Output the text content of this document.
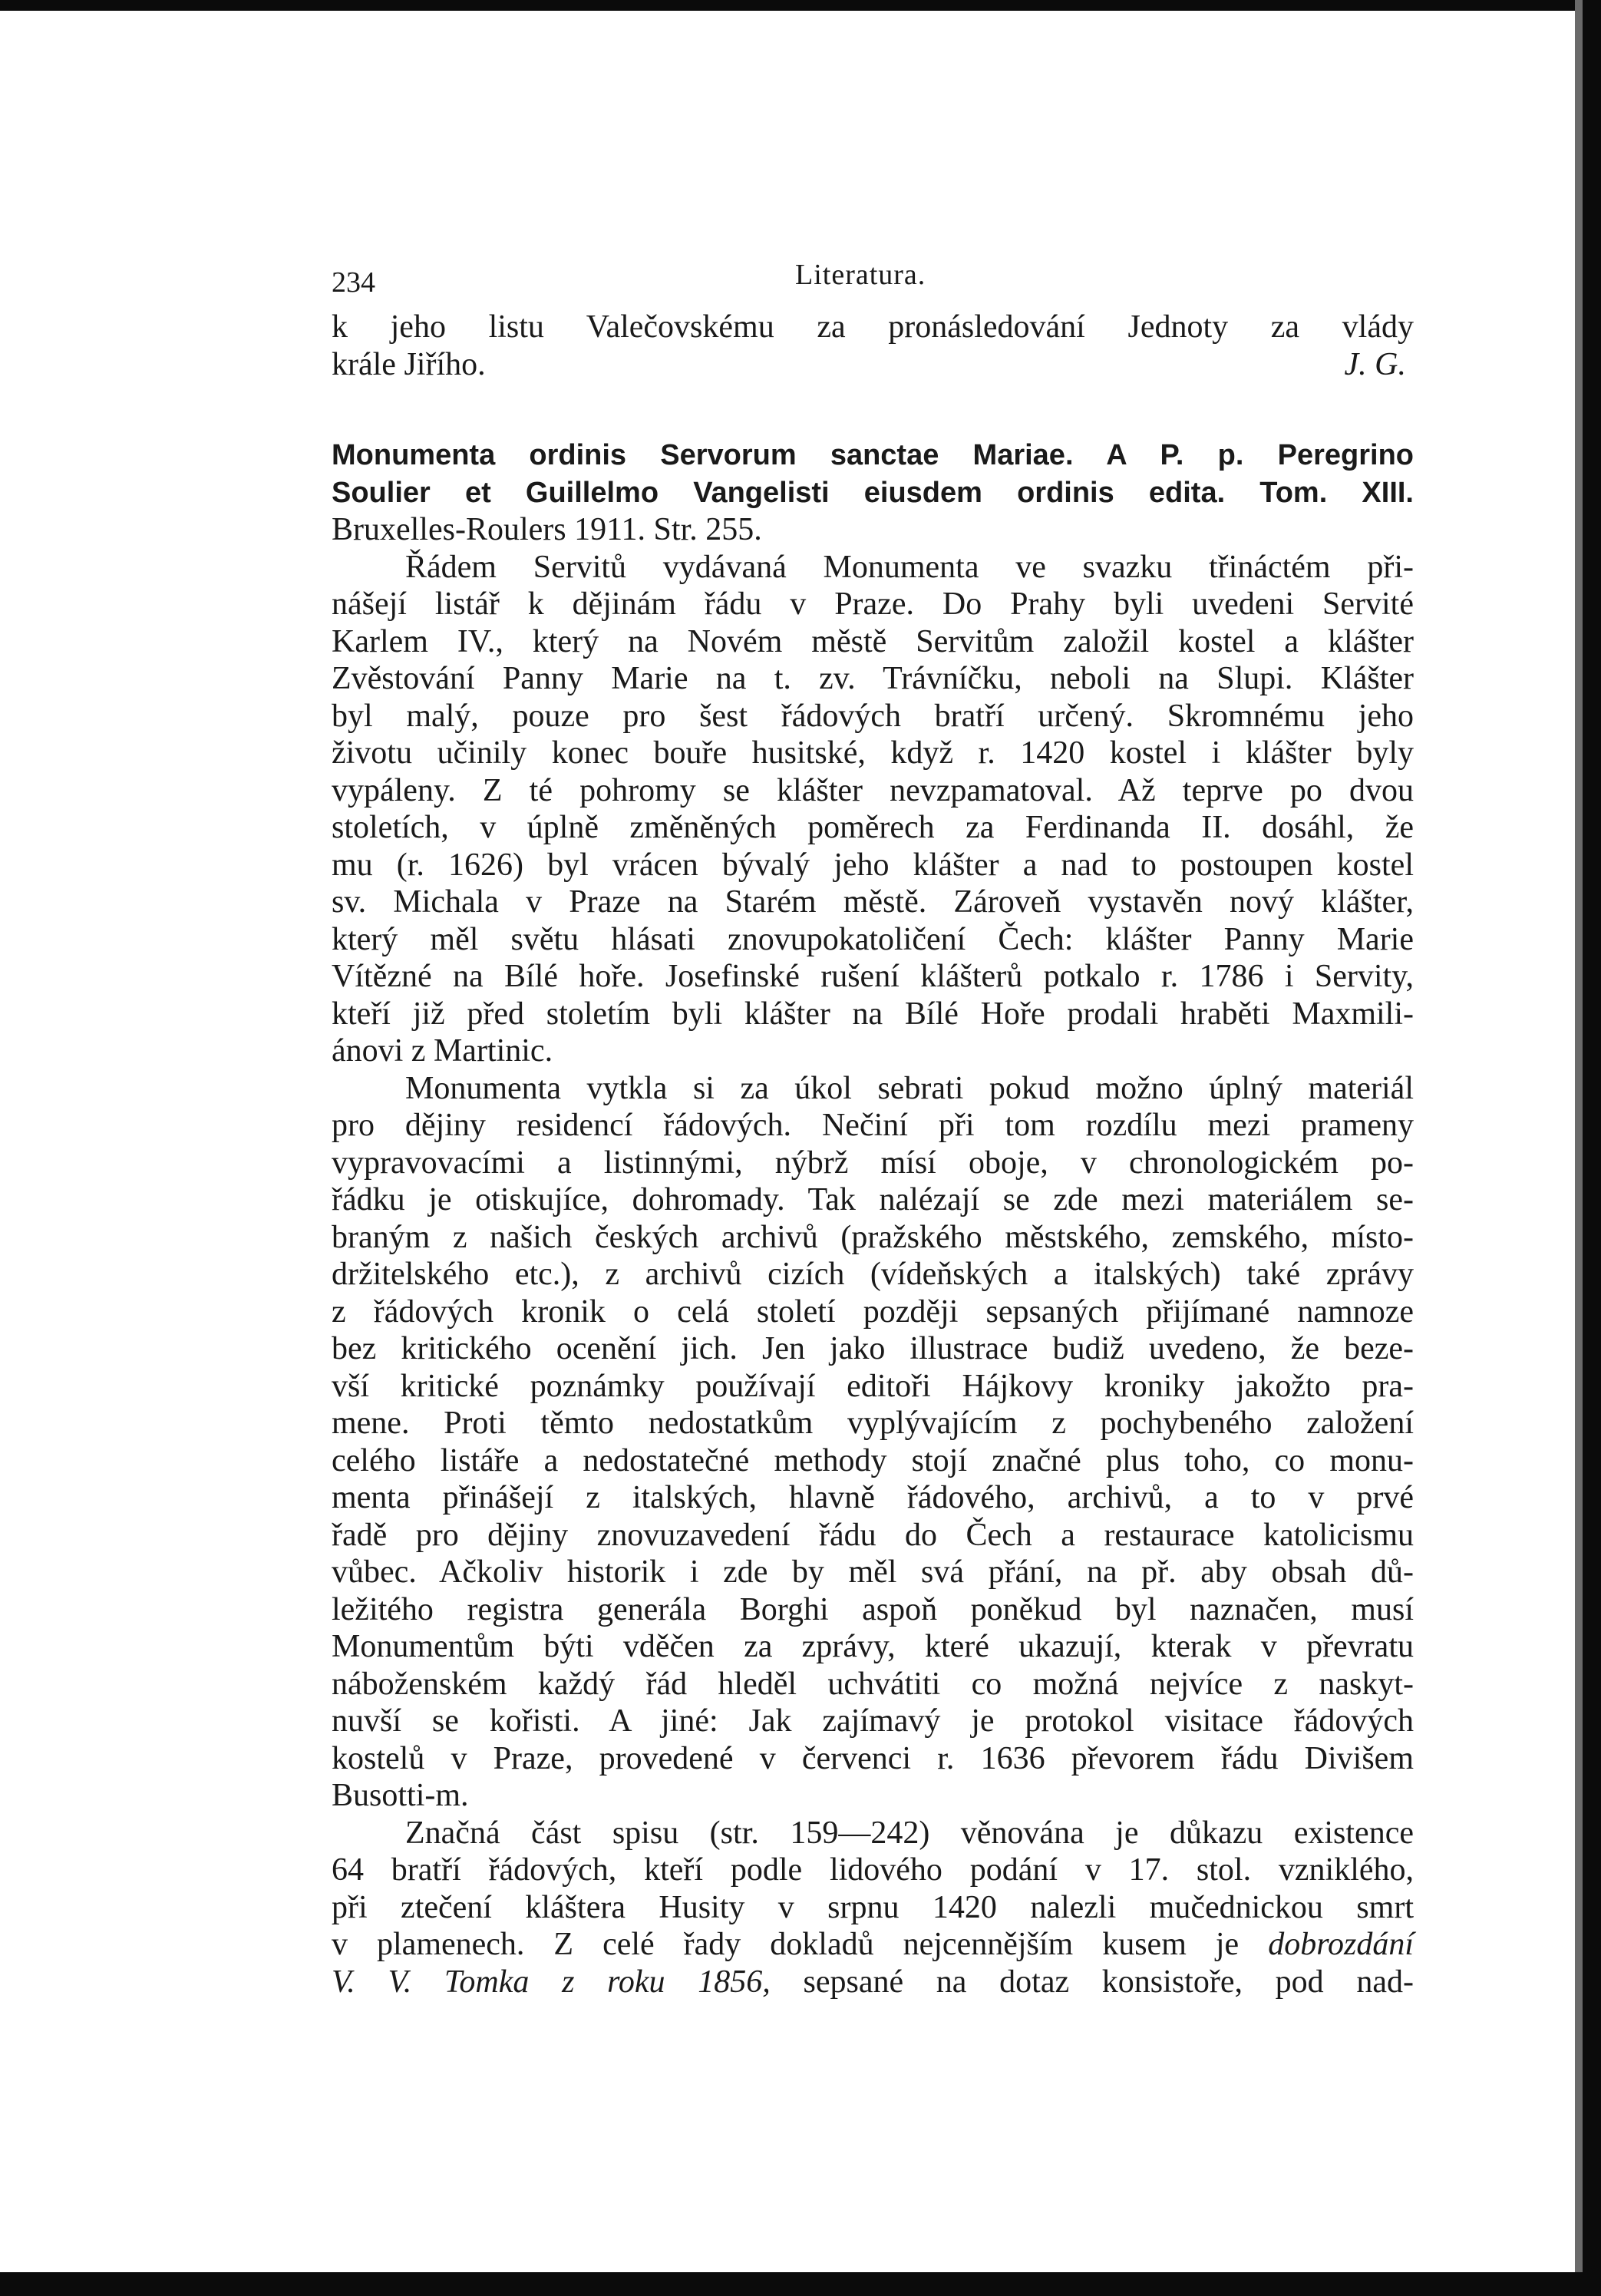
234	Literatura.
k jeho listu Valečovskému za pronásledování Jednoty za vlády
krále Jiřího.	J. G.
Monumenta ordinis Servorum sanctae Mariae. A P. p. Peregrino
Soulier et Guillelmo Vangelisti eiusdem ordinis edita. Tom. XIII.
Bruxelles-Roulers 1911. Str. 255.
Řádem Servitů vydávaná Monumenta ve svazku třináctém při-
nášejí listář k dějinám řádu v Praze. Do Prahy byli uvedeni Servité
Karlem IV., který na Novém městě Servitům založil kostel a klášter
Zvěstování Panny Marie na t. zv. Trávníčku, neboli na Slupi. Klášter
byl malý, pouze pro šest řádových bratří určený. Skromnému jeho
životu učinily konec bouře husitské, když r. 1420 kostel i klášter byly
vypáleny. Z té pohromy se klášter nevzpamatoval. Až teprve po dvou
stoletích, v úplně změněných poměrech za Ferdinanda II. dosáhl, že
mu (r. 1626) byl vrácen bývalý jeho klášter a nad to postoupen kostel
sv. Michala v Praze na Starém městě. Zároveň vystavěn nový klášter,
který měl světu hlásati znovupokatoličení Čech: klášter Panny Marie
Vítězné na Bílé hoře. Josefinské rušení klášterů potkalo r. 1786 i Servity,
kteří již před stoletím byli klášter na Bílé Hoře prodali hraběti Maxmili-
ánovi z Martinic.
Monumenta vytkla si za úkol sebrati pokud možno úplný materiál
pro dějiny residencí řádových. Nečiní při tom rozdílu mezi prameny
vypravovacími a listinnými, nýbrž mísí oboje, v chronologickém po-
řádku je otiskujíce, dohromady. Tak nalézají se zde mezi materiálem se-
braným z našich českých archivů (pražského městského, zemského, místo-
držitelského etc.), z archivů cizích (vídeňských a italských) také zprávy
z řádových kronik o celá století později sepsaných přijímané namnoze
bez kritického ocenění jich. Jen jako illustrace budiž uvedeno, že beze-
vší kritické poznámky používají editoři Hájkovy kroniky jakožto pra-
mene. Proti těmto nedostatkům vyplývajícím z pochybeného založení
celého listáře a nedostatečné methody stojí značné plus toho, co monu-
menta přinášejí z italských, hlavně řádového, archivů, a to v prvé
řadě pro dějiny znovuzavedení řádu do Čech a restaurace katolicismu
vůbec. Ačkoliv historik i zde by měl svá přání, na př. aby obsah dů-
ležitého registra generála Borghi aspoň poněkud byl naznačen, musí
Monumentům býti vděčen za zprávy, které ukazují, kterak v převratu
náboženském každý řád hleděl uchvátiti co možná nejvíce z naskyt-
nuvší se kořisti. A jiné: Jak zajímavý je protokol visitace řádových
kostelů v Praze, provedené v červenci r. 1636 převorem řádu Divišem
Busotti-m.
Značná část spisu (str. 159—242) věnována je důkazu existence
64 bratří řádových, kteří podle lidového podání v 17. stol. vzniklého,
při ztečení kláštera Husity v srpnu 1420 nalezli mučednickou smrt
v plamenech. Z celé řady dokladů nejcennějším kusem je dobrozdání
V. V. Tomka z roku 1856, sepsané na dotaz konsistoře, pod nad-
